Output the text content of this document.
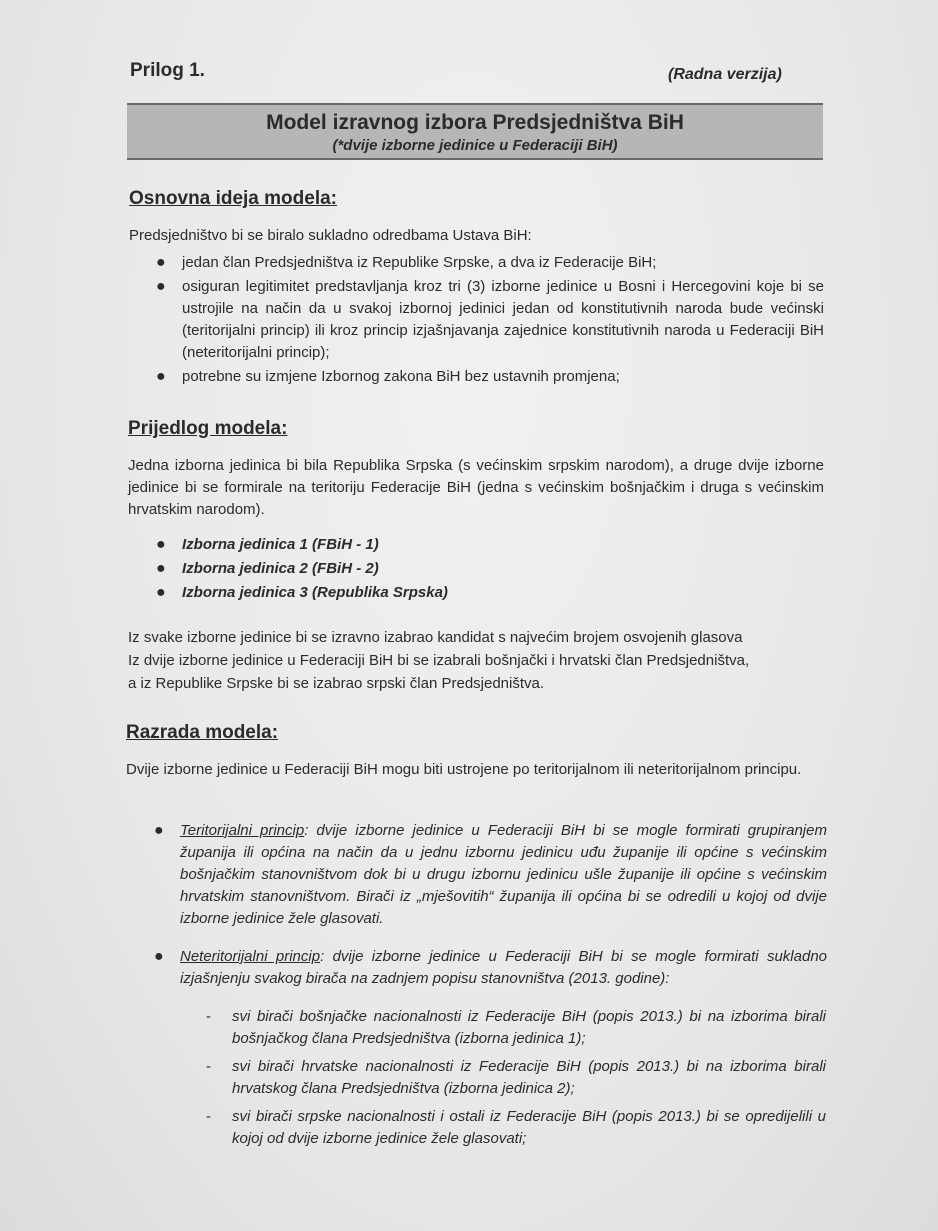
Prilog 1.	(Radna verzija)
Model izravnog izbora Predsjedništva BiH
(*dvije izborne jedinice u Federaciji BiH)
Osnovna ideja modela:
Predsjedništvo bi se biralo sukladno odredbama Ustava BiH:
● jedan član Predsjedništva iz Republike Srpske, a dva iz Federacije BiH;
● osiguran legitimitet predstavljanja kroz tri (3) izborne jedinice u Bosni i Hercegovini koje bi se ustrojile na način da u svakoj izbornoj jedinici jedan od konstitutivnih naroda bude većinski (teritorijalni princip) ili kroz princip izjašnjavanja zajednice konstitutivnih naroda u Federaciji BiH (neteritorijalni princip);
● potrebne su izmjene Izbornog zakona BiH bez ustavnih promjena;
Prijedlog modela:
Jedna izborna jedinica bi bila Republika Srpska (s većinskim srpskim narodom), a druge dvije izborne jedinice bi se formirale na teritoriju Federacije BiH (jedna s većinskim bošnjačkim i druga s većinskim hrvatskim narodom).
● Izborna jedinica 1 (FBiH - 1)
● Izborna jedinica 2 (FBiH - 2)
● Izborna jedinica 3 (Republika Srpska)
Iz svake izborne jedinice bi se izravno izabrao kandidat s najvećim brojem osvojenih glasova
Iz dvije izborne jedinice u Federaciji BiH bi se izabrali bošnjački i hrvatski član Predsjedništva,
a iz Republike Srpske bi se izabrao srpski član Predsjedništva.
Razrada modela:
Dvije izborne jedinice u Federaciji BiH mogu biti ustrojene po teritorijalnom ili neteritorijalnom principu.
● Teritorijalni princip: dvije izborne jedinice u Federaciji BiH bi se mogle formirati grupiranjem županija ili općina na način da u jednu izbornu jedinicu uđu županije ili općine s većinskim bošnjačkim stanovništvom dok bi u drugu izbornu jedinicu ušle županije ili općine s većinskim hrvatskim stanovništvom. Birači iz „mješovitih“ županija ili općina bi se odredili u kojoj od dvije izborne jedinice žele glasovati.
● Neteritorijalni princip: dvije izborne jedinice u Federaciji BiH bi se mogle formirati sukladno izjašnjenju svakog birača na zadnjem popisu stanovništva (2013. godine):
- svi birači bošnjačke nacionalnosti iz Federacije BiH (popis 2013.) bi na izborima birali bošnjačkog člana Predsjedništva (izborna jedinica 1);
- svi birači hrvatske nacionalnosti iz Federacije BiH (popis 2013.) bi na izborima birali hrvatskog člana Predsjedništva (izborna jedinica 2);
- svi birači srpske nacionalnosti i ostali iz Federacije BiH (popis 2013.) bi se opredijelili u kojoj od dvije izborne jedinice žele glasovati;
